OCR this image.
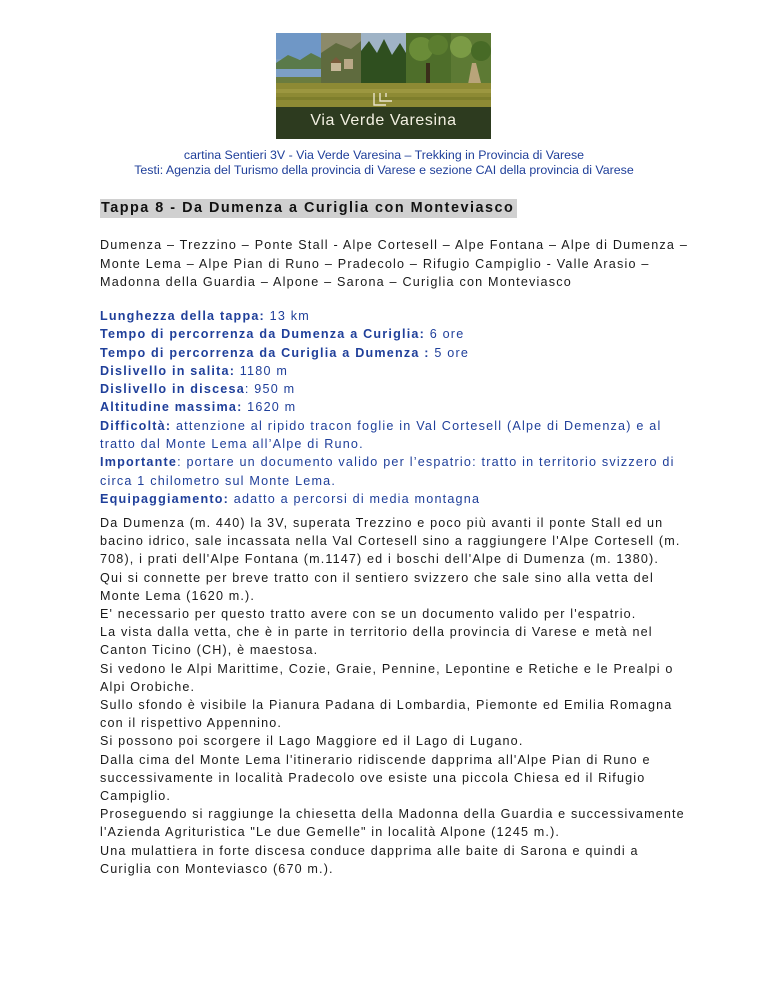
Via Verde Varesina
cartina Sentieri 3V - Via Verde Varesina – Trekking in Provincia di Varese
Testi: Agenzia del Turismo della provincia di Varese e sezione CAI della provincia di Varese
Tappa 8 - Da Dumenza a Curiglia con Monteviasco
Dumenza – Trezzino – Ponte Stall - Alpe Cortesell – Alpe Fontana – Alpe di Dumenza –
Monte Lema – Alpe Pian di Runo – Pradecolo – Rifugio Campiglio - Valle Arasio –
Madonna della Guardia – Alpone – Sarona – Curiglia con Monteviasco
Lunghezza della tappa: 13 km
Tempo di percorrenza da Dumenza a Curiglia: 6 ore
Tempo di percorrenza da Curiglia a Dumenza : 5 ore
Dislivello in salita: 1180 m
Dislivello in discesa: 950 m
Altitudine massima: 1620 m
Difficoltà: attenzione al ripido tracon foglie in Val Cortesell (Alpe di Demenza) e al
tratto dal Monte Lema all’Alpe di Runo.
Importante: portare un documento valido per l’espatrio: tratto in territorio svizzero di
circa 1 chilometro sul Monte Lema.
Equipaggiamento: adatto a percorsi di media montagna
Da Dumenza (m. 440) la 3V, superata Trezzino e poco più avanti il ponte Stall ed un
bacino idrico, sale incassata nella Val Cortesell sino a raggiungere l'Alpe Cortesell (m.
708), i prati dell'Alpe Fontana (m.1147) ed i boschi dell'Alpe di Dumenza (m. 1380).
Qui si connette per breve tratto con il sentiero svizzero che sale sino alla vetta del
Monte Lema (1620 m.).
E' necessario per questo tratto avere con se un documento valido per l'espatrio.
La vista dalla vetta, che è in parte in territorio della provincia di Varese e metà nel
Canton Ticino (CH), è maestosa.
Si vedono le Alpi Marittime, Cozie, Graie, Pennine, Lepontine e Retiche e le Prealpi o
Alpi Orobiche.
Sullo sfondo è visibile la Pianura Padana di Lombardia, Piemonte ed Emilia Romagna
con il rispettivo Appennino.
Si possono poi scorgere il Lago Maggiore ed il Lago di Lugano.
Dalla cima del Monte Lema l'itinerario ridiscende dapprima all'Alpe Pian di Runo e
successivamente in località Pradecolo ove esiste una piccola Chiesa ed il Rifugio
Campiglio.
Proseguendo si raggiunge la chiesetta della Madonna della Guardia e successivamente
l'Azienda Agrituristica "Le due Gemelle" in località Alpone (1245 m.).
Una mulattiera in forte discesa conduce dapprima alle baite di Sarona e quindi a
Curiglia con Monteviasco (670 m.).
